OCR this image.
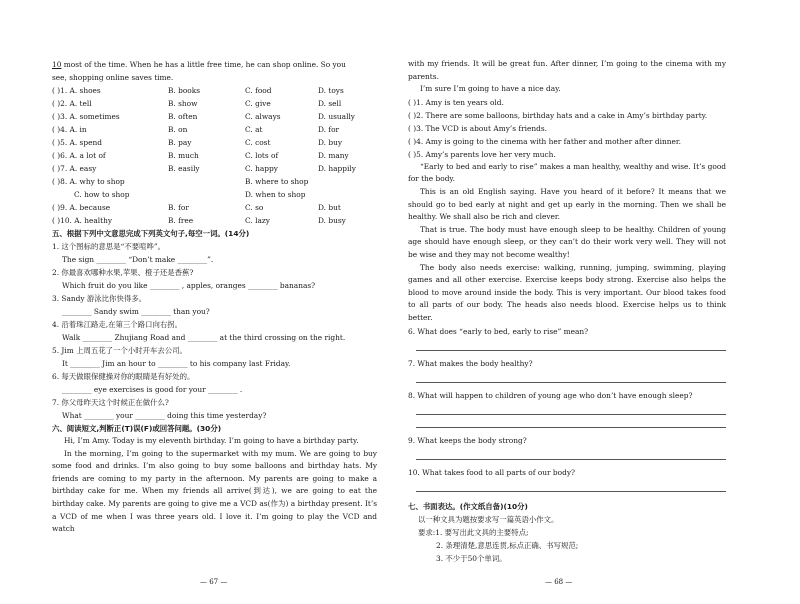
10 most of the time. When he has a little free time, he can shop online. So you
see, shopping online saves time.
( )1. A. shoes	B. books	C. food	D. toys
( )2. A. tell	B. show	C. give	D. sell
( )3. A. sometimes	B. often	C. always	D. usually
( )4. A. in	B. on	C. at	D. for
( )5. A. spend	B. pay	C. cost	D. buy
( )6. A. a lot of	B. much	C. lots of	D. many
( )7. A. easy	B. easily	C. happy	D. happily
( )8. A. why to shop	B. where to shop
C. how to shop	D. when to shop
( )9. A. because	B. for	C. so	D. but
( )10. A. healthy	B. free	C. lazy	D. busy
五、根据下列中文意思完成下列英文句子,每空一词。(14分)
1. 这个图标的意思是“不要喧哗”。
The sign ________ “Don’t make ________”.
2. 你最喜欢哪种水果,苹果、橙子还是香蕉?
Which fruit do you like ________ , apples, oranges ________ bananas?
3. Sandy 游泳比你快得多。
________ Sandy swim ________ than you?
4. 沿着珠江路走,在第三个路口向右拐。
Walk ________ Zhujiang Road and ________ at the third crossing on the right.
5. Jim 上周五花了一个小时开车去公司。
It ________ Jim an hour to ________ to his company last Friday.
6. 每天做眼保健操对你的眼睛是有好处的。
________ eye exercises is good for your ________ .
7. 你父母昨天这个时候正在做什么?
What ________ your ________ doing this time yesterday?
六、阅读短文,判断正(T)误(F)或回答问题。(30分)
Hi, I’m Amy. Today is my eleventh birthday. I’m going to have a birthday party.
In the morning, I’m going to the supermarket with my mum. We are going to buy some food and drinks. I’m also going to buy some balloons and birthday hats. My friends are coming to my party in the afternoon. My parents are going to make a birthday cake for me. When my friends all arrive(到达), we are going to eat the birthday cake. My parents are going to give me a VCD as(作为) a birthday present. It’s a VCD of me when I was three years old. I love it. I’m going to play the VCD and watch
— 67 —
with my friends. It will be great fun. After dinner, I’m going to the cinema with my parents.
I’m sure I’m going to have a nice day.
( )1. Amy is ten years old.
( )2. There are some balloons, birthday hats and a cake in Amy’s birthday party.
( )3. The VCD is about Amy’s friends.
( )4. Amy is going to the cinema with her father and mother after dinner.
( )5. Amy’s parents love her very much.
“Early to bed and early to rise” makes a man healthy, wealthy and wise. It’s good for the body.
This is an old English saying. Have you heard of it before? It means that we should go to bed early at night and get up early in the morning. Then we shall be healthy. We shall also be rich and clever.
That is true. The body must have enough sleep to be healthy. Children of young age should have enough sleep, or they can’t do their work very well. They will not be wise and they may not become wealthy!
The body also needs exercise: walking, running, jumping, swimming, playing games and all other exercise. Exercise keeps body strong. Exercise also helps the blood to move around inside the body. This is very important. Our blood takes food to all parts of our body. The heads also needs blood. Exercise helps us to think better.
6. What does “early to bed, early to rise” mean?
7. What makes the body healthy?
8. What will happen to children of young age who don’t have enough sleep?
9. What keeps the body strong?
10. What takes food to all parts of our body?
七、书面表达。(作文纸自备)(10分)
以一种文具为题按要求写一篇英语小作文。
要求:1. 要写出此文具的主要特点;
2. 条理清楚,意思连贯,标点正确、书写规范;
3. 不少于50个单词。
— 68 —
